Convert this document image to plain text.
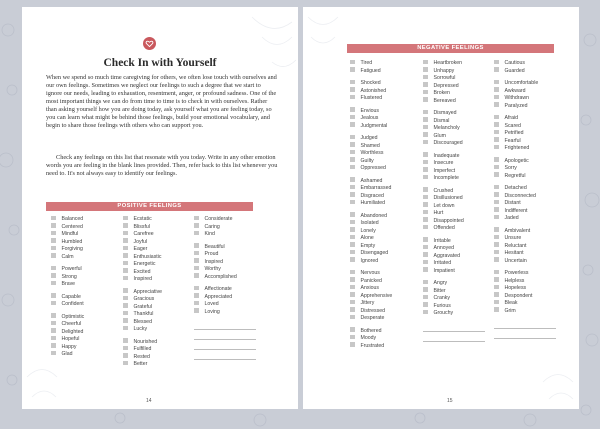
Check In with Yourself
When we spend so much time caregiving for others, we often lose touch with ourselves and our own feelings. Sometimes we neglect our feelings to such a degree that we start to ignore our needs, leading to exhaustion, resentment, anger, or profound sadness. One of the most important things we can do from time to time is to check in with ourselves. Rather than asking yourself how you are doing today, ask yourself what you are feeling today, so you can learn what might be behind those feelings, build your emotional vocabulary, and begin to share those feelings with others who can support you.
Check any feelings on this list that resonate with you today. Write in any other emotion words you are feeling in the blank lines provided. Then, refer back to this list whenever you need to. It's not always easy to identify our feelings.
POSITIVE FEELINGS
NEGATIVE FEELINGS
Balanced
Centered
Mindful
Humbled
Forgiving
Calm
Powerful
Strong
Brave
Capable
Confident
Optimistic
Cheerful
Delighted
Hopeful
Happy
Glad
Ecstatic
Blissful
Carefree
Joyful
Eager
Enthusiastic
Energetic
Excited
Inspired
Appreciative
Gracious
Grateful
Thankful
Blessed
Lucky
Nourished
Fulfilled
Rested
Better
Considerate
Caring
Kind
Beautiful
Proud
Inspired
Worthy
Accomplished
Affectionate
Appreciated
Loved
Loving
Tired
Fatigued
Shocked
Astonished
Flustered
Envious
Jealous
Judgmental
Judged
Shamed
Worthless
Guilty
Oppressed
Ashamed
Embarrassed
Disgraced
Humiliated
Abandoned
Isolated
Lonely
Alone
Empty
Disengaged
Ignored
Nervous
Panicked
Anxious
Apprehensive
Jittery
Distressed
Desperate
Bothered
Moody
Frustrated
Heartbroken
Unhappy
Sorrowful
Depressed
Broken
Bereaved
Dismayed
Dismal
Melancholy
Glum
Discouraged
Inadequate
Insecure
Imperfect
Incomplete
Crushed
Disillusioned
Let down
Hurt
Disappointed
Offended
Irritable
Annoyed
Aggravated
Irritated
Impatient
Angry
Bitter
Cranky
Furious
Grouchy
Cautious
Guarded
Uncomfortable
Awkward
Withdrawn
Paralyzed
Afraid
Scared
Petrified
Fearful
Frightened
Apologetic
Sorry
Regretful
Detached
Disconnected
Distant
Indifferent
Jaded
Ambivalent
Unsure
Reluctant
Hesitant
Uncertain
Powerless
Helpless
Hopeless
Despondent
Bleak
Grim
14	15
